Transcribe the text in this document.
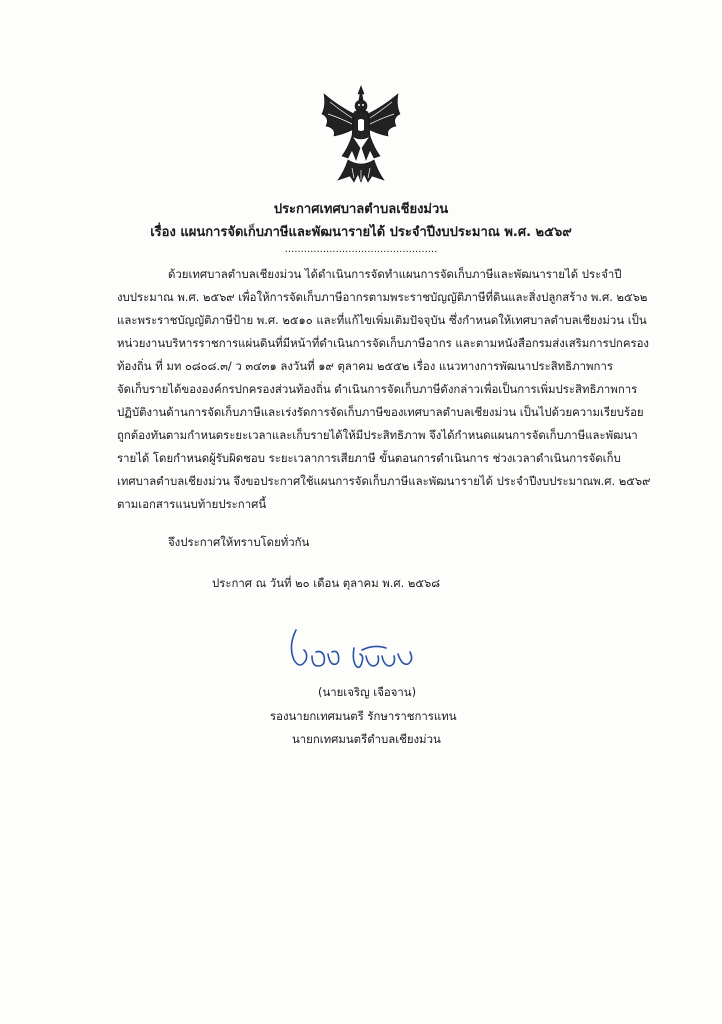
ประกาศเทศบาลตำบลเชียงม่วน
เรื่อง แผนการจัดเก็บภาษีและพัฒนารายได้ ประจำปีงบประมาณ พ.ศ. ๒๕๖๙
................................................
ด้วยเทศบาลตำบลเชียงม่วน ได้ดำเนินการจัดทำแผนการจัดเก็บภาษีและพัฒนารายได้ ประจำปี
งบประมาณ พ.ศ. ๒๕๖๙ เพื่อให้การจัดเก็บภาษีอากรตามพระราชบัญญัติภาษีที่ดินและสิ่งปลูกสร้าง พ.ศ. ๒๕๖๒
และพระราชบัญญัติภาษีป้าย พ.ศ. ๒๕๑๐ และที่แก้ไขเพิ่มเติมปัจจุบัน ซึ่งกำหนดให้เทศบาลตำบลเชียงม่วน เป็น
หน่วยงานบริหารราชการแผ่นดินที่มีหน้าที่ดำเนินการจัดเก็บภาษีอากร และตามหนังสือกรมส่งเสริมการปกครอง
ท้องถิ่น ที่ มท ๐๘๐๘.๓/ ว ๓๔๓๑ ลงวันที่ ๑๙ ตุลาคม ๒๕๕๒ เรื่อง แนวทางการพัฒนาประสิทธิภาพการ
จัดเก็บรายได้ขององค์กรปกครองส่วนท้องถิ่น ดำเนินการจัดเก็บภาษีดังกล่าวเพื่อเป็นการเพิ่มประสิทธิภาพการ
ปฏิบัติงานด้านการจัดเก็บภาษีและเร่งรัดการจัดเก็บภาษีของเทศบาลตำบลเชียงม่วน เป็นไปด้วยความเรียบร้อย
ถูกต้องทันตามกำหนดระยะเวลาและเก็บรายได้ให้มีประสิทธิภาพ จึงได้กำหนดแผนการจัดเก็บภาษีและพัฒนา
รายได้ โดยกำหนดผู้รับผิดชอบ ระยะเวลาการเสียภาษี ขั้นตอนการดำเนินการ ช่วงเวลาดำเนินการจัดเก็บ
เทศบาลตำบลเชียงม่วน จึงขอประกาศใช้แผนการจัดเก็บภาษีและพัฒนารายได้ ประจำปีงบประมาณพ.ศ. ๒๕๖๙
ตามเอกสารแนบท้ายประกาศนี้
จึงประกาศให้ทราบโดยทั่วกัน
ประกาศ ณ วันที่ ๒๐ เดือน ตุลาคม พ.ศ. ๒๕๖๘
(นายเจริญ เจือจาน)
รองนายกเทศมนตรี รักษาราชการแทน
นายกเทศมนตรีตำบลเชียงม่วน
